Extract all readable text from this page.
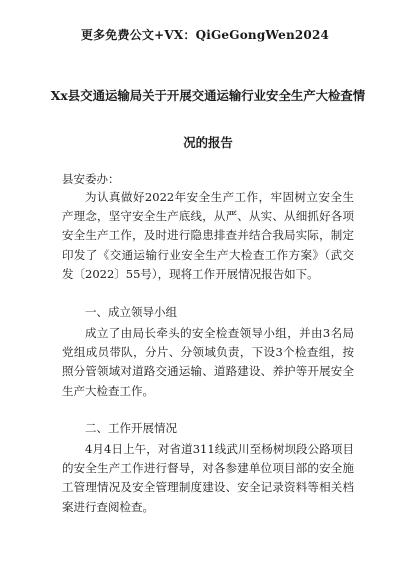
更多免费公文+VX：QiGeGongWen2024
Xx县交通运输局关于开展交通运输行业安全生产大检查情
况的报告
县安委办：
为认真做好2022年安全生产工作，牢固树立安全生产理念，坚守安全生产底线，从严、从实、从细抓好各项安全生产工作，及时进行隐患排查并结合我局实际，制定印发了《交通运输行业安全生产大检查工作方案》（武交发〔2022〕55号），现将工作开展情况报告如下。
一、成立领导小组
成立了由局长牵头的安全检查领导小组，并由3名局党组成员带队，分片、分领域负责，下设3个检查组，按照分管领域对道路交通运输、道路建设、养护等开展安全生产大检查工作。
二、工作开展情况
4月4日上午，对省道311线武川至杨树坝段公路项目的安全生产工作进行督导，对各参建单位项目部的安全施工管理情况及安全管理制度建设、安全记录资料等相关档案进行查阅检查。
